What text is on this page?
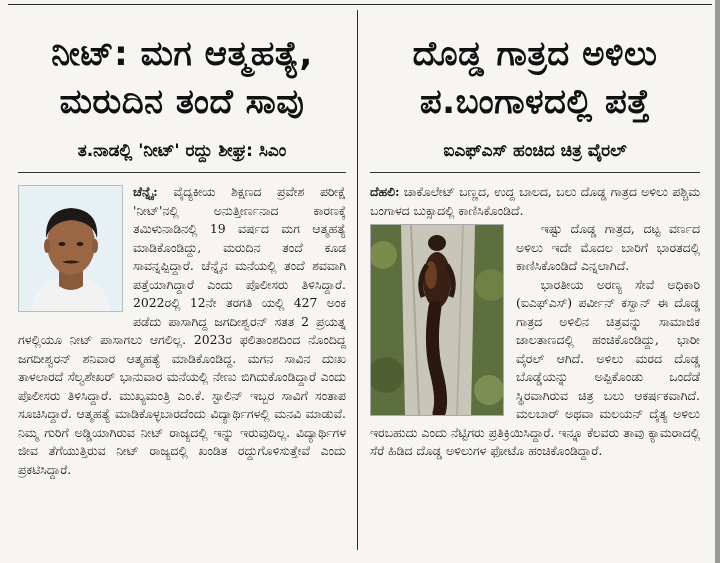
ನೀಟ್: ಮಗ ಆತ್ಮಹತ್ಯೆ,
ಮರುದಿನ ತಂದೆ ಸಾವು
ತ.ನಾಡಲ್ಲಿ 'ನೀಟ್' ರದ್ದು ಶೀಘ್ರ: ಸಿಎಂ

ಚೆನ್ನೈ: ವೈದ್ಯಕೀಯ ಶಿಕ್ಷಣದ ಪ್ರವೇಶ ಪರೀಕ್ಷೆ 'ನೀಟ್'ನಲ್ಲಿ ಅನುತ್ತೀರ್ಣನಾದ ಕಾರಣಕ್ಕೆ ತಮಿಳುನಾಡಿನಲ್ಲಿ 19 ವರ್ಷದ ಮಗ ಆತ್ಮಹತ್ಯೆ ಮಾಡಿಕೊಂಡಿದ್ದು, ಮರುದಿನ ತಂದೆ ಕೂಡ ಸಾವನ್ನಪ್ಪಿದ್ದಾರೆ. ಚೆನ್ನೈನ ಮನೆಯಲ್ಲಿ ತಂದೆ ಶವವಾಗಿ ಪತ್ತೆಯಾಗಿದ್ದಾರೆ ಎಂದು ಪೊಲೀಸರು ತಿಳಿಸಿದ್ದಾರೆ. 2022ರಲ್ಲಿ 12ನೇ ತರಗತಿ ಯಲ್ಲಿ 427 ಅಂಕ ಪಡೆದು ಪಾಸಾಗಿದ್ದ ಜಗದೀಶ್ವರನ್ ಸತತ 2 ಪ್ರಯತ್ನ ಗಳಲ್ಲಿಯೂ ನೀಟ್ ಪಾಸಾಗಲು ಆಗಲಿಲ್ಲ. 2023ರ ಫಲಿತಾಂಶದಿಂದ ನೊಂದಿದ್ದ ಜಗದೀಶ್ವರನ್ ಶನಿವಾರ ಆತ್ಮಹತ್ಯೆ ಮಾಡಿಕೊಂಡಿದ್ದ. ಮಗನ ಸಾವಿನ ದುಃಖ ತಾಳಲಾರದೆ ಸೆಲ್ವಶೇಖರ್ ಭಾನುವಾರ ಮನೆಯಲ್ಲಿ ನೇಣು ಬಿಗಿದುಕೊಂಡಿದ್ದಾರೆ ಎಂದು ಪೊಲೀಸರು ತಿಳಿಸಿದ್ದಾರೆ. ಮುಖ್ಯಮಂತ್ರಿ ಎಂ.ಕೆ. ಸ್ಟಾಲಿನ್ ಇಬ್ಬರ ಸಾವಿಗೆ ಸಂತಾಪ ಸೂಚಿಸಿದ್ದಾರೆ. ಆತ್ಮಹತ್ಯೆ ಮಾಡಿಕೊಳ್ಳಬಾರದೆಂದು ವಿದ್ಯಾರ್ಥಿಗಳಲ್ಲಿ ಮನವಿ ಮಾಡುವೆ. ನಿಮ್ಮ ಗುರಿಗೆ ಅಡ್ಡಿಯಾಗಿರುವ ನೀಟ್ ರಾಜ್ಯದಲ್ಲಿ ಇನ್ನು ಇರುವುದಿಲ್ಲ. ವಿದ್ಯಾರ್ಥಿಗಳ ಜೀವ ತೆಗೆಯುತ್ತಿರುವ ನೀಟ್ ರಾಜ್ಯದಲ್ಲಿ ಖಂಡಿತ ರದ್ದುಗೊಳಿಸುತ್ತೇವೆ ಎಂದು ಪ್ರಕಟಿಸಿದ್ದಾರೆ.

ದೊಡ್ಡ ಗಾತ್ರದ ಅಳಿಲು
ಪ.ಬಂಗಾಳದಲ್ಲಿ ಪತ್ತೆ
ಐಎಫ್‌ಎಸ್ ಹಂಚಿದ ಚಿತ್ರ ವೈರಲ್

ದೆಹಲಿ: ಚಾಕೊಲೇಟ್ ಬಣ್ಣದ, ಉದ್ದ ಬಾಲದ, ಬಲು ದೊಡ್ಡ ಗಾತ್ರದ ಅಳಿಲು ಪಶ್ಚಿಮ ಬಂಗಾಳದ ಬುಕ್ಸಾದಲ್ಲಿ ಕಾಣಿಸಿಕೊಂಡಿದೆ.

  ಇಷ್ಟು ದೊಡ್ಡ ಗಾತ್ರದ, ದಟ್ಟ ವರ್ಣದ ಅಳಿಲು ಇದೇ ಮೊದಲ ಬಾರಿಗೆ ಭಾರತದಲ್ಲಿ ಕಾಣಿಸಿಕೊಂಡಿದೆ ಎನ್ನಲಾಗಿದೆ.

  ಭಾರತೀಯ ಅರಣ್ಯ ಸೇವೆ ಅಧಿಕಾರಿ (ಐಎಫ್‌ಎಸ್) ಪರ್ವೀನ್ ಕಸ್ವಾನ್ ಈ ದೊಡ್ಡ ಗಾತ್ರದ ಅಳಿಲಿನ ಚಿತ್ರವನ್ನು ಸಾಮಾಜಿಕ ಜಾಲತಾಣದಲ್ಲಿ ಹಂಚಿಕೊಂಡಿದ್ದು, ಭಾರೀ ವೈರಲ್ ಆಗಿದೆ. ಅಳಿಲು ಮರದ ದೊಡ್ಡ ಬೊಡ್ಡೆಯನ್ನು ಅಪ್ಪಿಕೊಂಡು ಒಂದೆಡೆ ಸ್ಥಿರವಾಗಿರುವ ಚಿತ್ರ ಬಲು ಆಕರ್ಷಕವಾಗಿದೆ. ಮಲಬಾರ್ ಅಥವಾ ಮಲಯನ್ ದೈತ್ಯ ಅಳಿಲು ಇರಬಹುದು ಎಂದು ನೆಟ್ಟಿಗರು ಪ್ರತಿಕ್ರಿಯಿಸಿದ್ದಾರೆ. ಇನ್ನೂ ಕೆಲವರು ತಾವು ಕ್ಯಾಮರಾದಲ್ಲಿ ಸೆರೆ ಹಿಡಿದ ದೊಡ್ಡ ಅಳಿಲುಗಳ ಫೋಟೊ ಹಂಚಿಕೊಂಡಿದ್ದಾರೆ.
